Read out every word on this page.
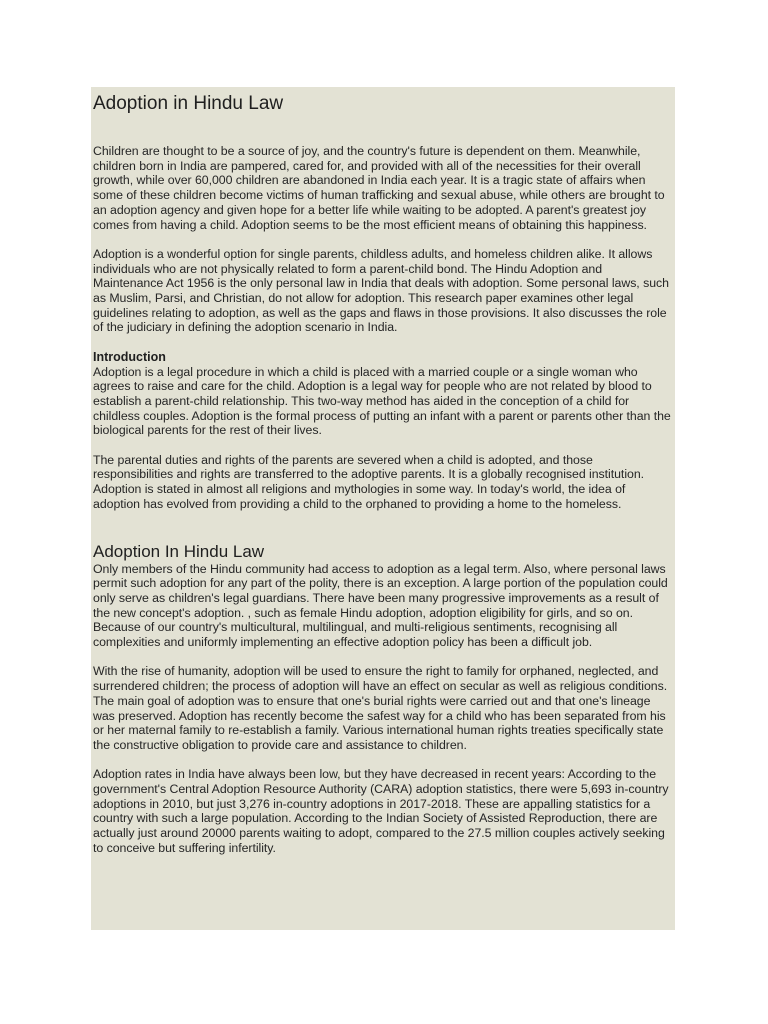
Adoption in Hindu Law

Children are thought to be a source of joy, and the country's future is dependent on them. Meanwhile, children born in India are pampered, cared for, and provided with all of the necessities for their overall growth, while over 60,000 children are abandoned in India each year. It is a tragic state of affairs when some of these children become victims of human trafficking and sexual abuse, while others are brought to an adoption agency and given hope for a better life while waiting to be adopted. A parent's greatest joy comes from having a child. Adoption seems to be the most efficient means of obtaining this happiness.

Adoption is a wonderful option for single parents, childless adults, and homeless children alike. It allows individuals who are not physically related to form a parent-child bond. The Hindu Adoption and Maintenance Act 1956 is the only personal law in India that deals with adoption. Some personal laws, such as Muslim, Parsi, and Christian, do not allow for adoption. This research paper examines other legal guidelines relating to adoption, as well as the gaps and flaws in those provisions. It also discusses the role of the judiciary in defining the adoption scenario in India.

Introduction

Adoption is a legal procedure in which a child is placed with a married couple or a single woman who agrees to raise and care for the child. Adoption is a legal way for people who are not related by blood to establish a parent-child relationship. This two-way method has aided in the conception of a child for childless couples. Adoption is the formal process of putting an infant with a parent or parents other than the biological parents for the rest of their lives.

The parental duties and rights of the parents are severed when a child is adopted, and those responsibilities and rights are transferred to the adoptive parents. It is a globally recognised institution. Adoption is stated in almost all religions and mythologies in some way. In today's world, the idea of adoption has evolved from providing a child to the orphaned to providing a home to the homeless.

Adoption In Hindu Law

Only members of the Hindu community had access to adoption as a legal term. Also, where personal laws permit such adoption for any part of the polity, there is an exception. A large portion of the population could only serve as children's legal guardians. There have been many progressive improvements as a result of the new concept's adoption. , such as female Hindu adoption, adoption eligibility for girls, and so on. Because of our country's multicultural, multilingual, and multi-religious sentiments, recognising all complexities and uniformly implementing an effective adoption policy has been a difficult job.

With the rise of humanity, adoption will be used to ensure the right to family for orphaned, neglected, and surrendered children; the process of adoption will have an effect on secular as well as religious conditions. The main goal of adoption was to ensure that one's burial rights were carried out and that one's lineage was preserved. Adoption has recently become the safest way for a child who has been separated from his or her maternal family to re-establish a family. Various international human rights treaties specifically state the constructive obligation to provide care and assistance to children.

Adoption rates in India have always been low, but they have decreased in recent years: According to the government's Central Adoption Resource Authority (CARA) adoption statistics, there were 5,693 in-country adoptions in 2010, but just 3,276 in-country adoptions in 2017-2018. These are appalling statistics for a country with such a large population. According to the Indian Society of Assisted Reproduction, there are actually just around 20000 parents waiting to adopt, compared to the 27.5 million couples actively seeking to conceive but suffering infertility.
